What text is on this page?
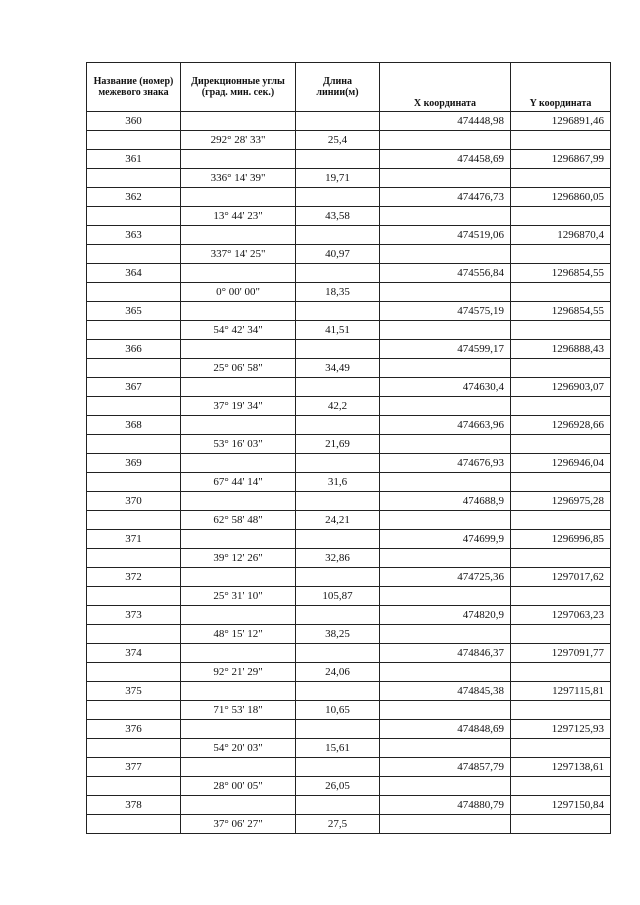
Название (номер) межевого знака	Дирекционные углы (град. мин. сек.)	Длина линии(м)	X координата	Y координата
360			474448,98	1296891,46
	292° 28' 33"	25,4		
361			474458,69	1296867,99
	336° 14' 39"	19,71		
362			474476,73	1296860,05
	13° 44' 23"	43,58		
363			474519,06	1296870,4
	337° 14' 25"	40,97		
364			474556,84	1296854,55
	0° 00' 00"	18,35		
365			474575,19	1296854,55
	54° 42' 34"	41,51		
366			474599,17	1296888,43
	25° 06' 58"	34,49		
367			474630,4	1296903,07
	37° 19' 34"	42,2		
368			474663,96	1296928,66
	53° 16' 03"	21,69		
369			474676,93	1296946,04
	67° 44' 14"	31,6		
370			474688,9	1296975,28
	62° 58' 48"	24,21		
371			474699,9	1296996,85
	39° 12' 26"	32,86		
372			474725,36	1297017,62
	25° 31' 10"	105,87		
373			474820,9	1297063,23
	48° 15' 12"	38,25		
374			474846,37	1297091,77
	92° 21' 29"	24,06		
375			474845,38	1297115,81
	71° 53' 18"	10,65		
376			474848,69	1297125,93
	54° 20' 03"	15,61		
377			474857,79	1297138,61
	28° 00' 05"	26,05		
378			474880,79	1297150,84
	37° 06' 27"	27,5		
